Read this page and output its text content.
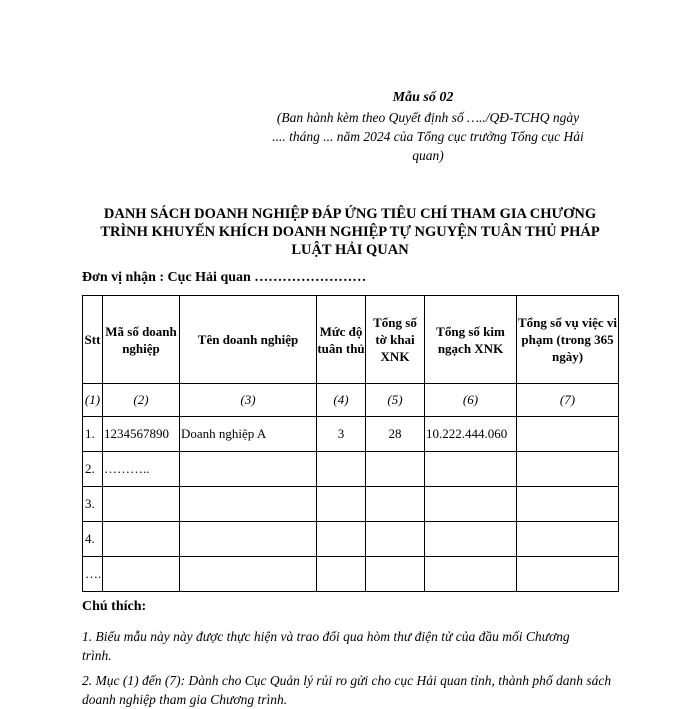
Mẫu số 02
(Ban hành kèm theo Quyết định số …../QĐ-TCHQ ngày .... tháng ... năm 2024 của Tổng cục trưởng Tổng cục Hải quan)
DANH SÁCH DOANH NGHIỆP ĐÁP ỨNG TIÊU CHÍ THAM GIA CHƯƠNG TRÌNH KHUYẾN KHÍCH DOANH NGHIỆP TỰ NGUYỆN TUÂN THỦ PHÁP LUẬT HẢI QUAN
Đơn vị nhận : Cục Hải quan ……………………
Stt	Mã số doanh nghiệp	Tên doanh nghiệp	Mức độ tuân thủ	Tổng số tờ khai XNK	Tổng số kim ngạch XNK	Tổng số vụ việc vi phạm (trong 365 ngày)
(1)	(2)	(3)	(4)	(5)	(6)	(7)
1.	1234567890	Doanh nghiệp A	3	28	10.222.444.060	
2.	………..					
3.						
4.						
….						
Chú thích:
1. Biểu mẫu này này được thực hiện và trao đổi qua hòm thư điện tử của đầu mối Chương trình.
2. Mục (1) đến (7): Dành cho Cục Quản lý rủi ro gửi cho cục Hải quan tỉnh, thành phố danh sách doanh nghiệp tham gia Chương trình.
